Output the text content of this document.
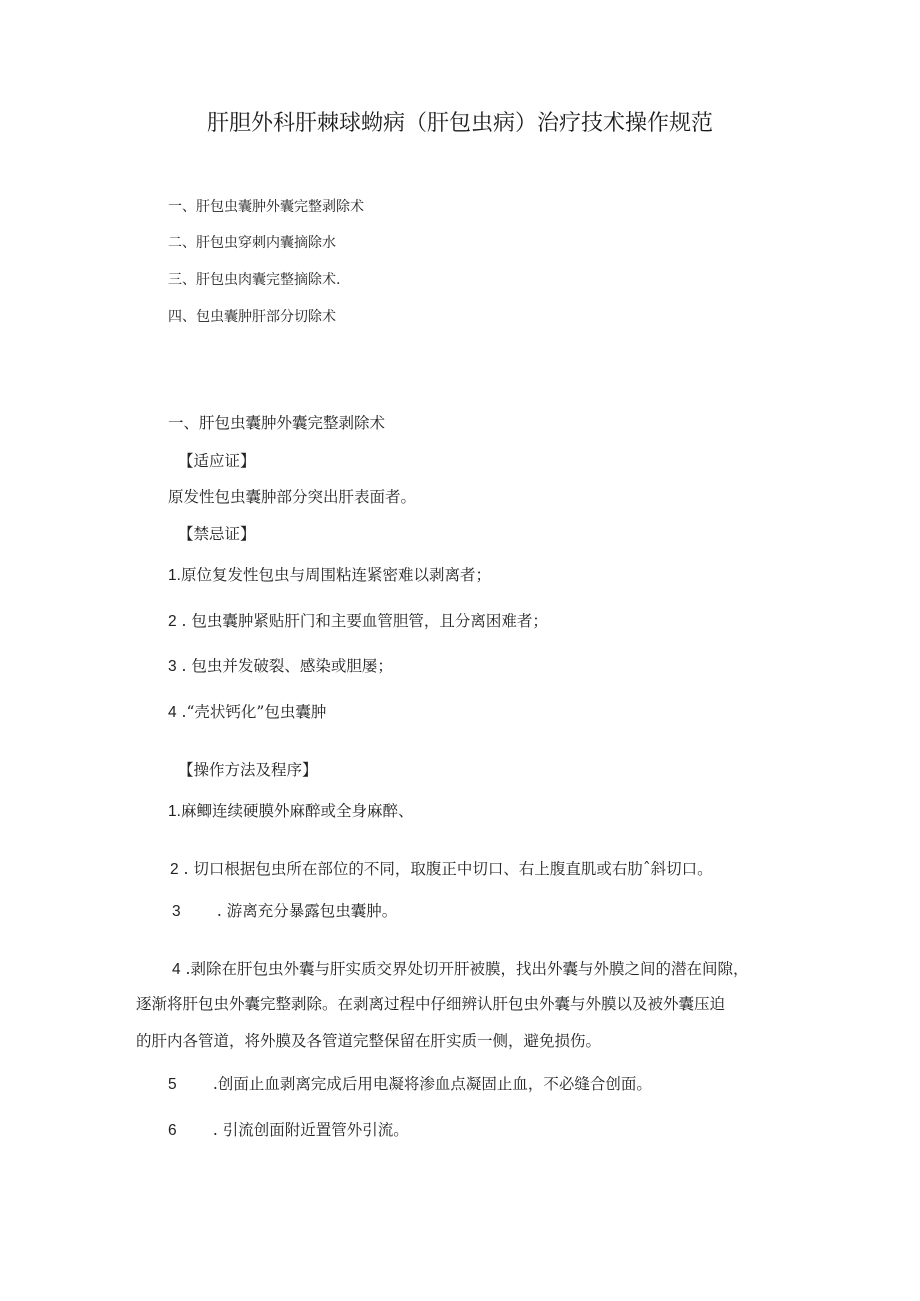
肝胆外科肝棘球蚴病（肝包虫病）治疗技术操作规范
一、肝包虫囊肿外囊完整剥除术
二、肝包虫穿刺内囊摘除水
三、肝包虫肉囊完整摘除术.
四、包虫囊肿肝部分切除术
一、肝包虫囊肿外囊完整剥除术
【适应证】
原发性包虫囊肿部分突出肝表面者。
【禁忌证】
1.原位复发性包虫与周围粘连紧密难以剥离者；
2 . 包虫囊肿紧贴肝门和主要血管胆管，且分离困难者；
3 . 包虫并发破裂、感染或胆屡；
4 .“壳状钙化”包虫囊肿
【操作方法及程序】
1.麻鲫连续硬膜外麻醉或全身麻醉、
2 . 切口根据包虫所在部位的不同，取腹正中切口、右上腹直肌或右肋ˆ斜切口。
3 . 游离充分暴露包虫囊肿。
4 .剥除在肝包虫外囊与肝实质交界处切开肝被膜，找出外囊与外膜之间的潜在间隙，
逐渐将肝包虫外囊完整剥除。在剥离过程中仔细辨认肝包虫外囊与外膜以及被外囊压迫
的肝内各管道，将外膜及各管道完整保留在肝实质一侧，避免损伤。
5 .创面止血剥离完成后用电凝将渗血点凝固止血，不必缝合创面。
6 . 引流创面附近置管外引流。
